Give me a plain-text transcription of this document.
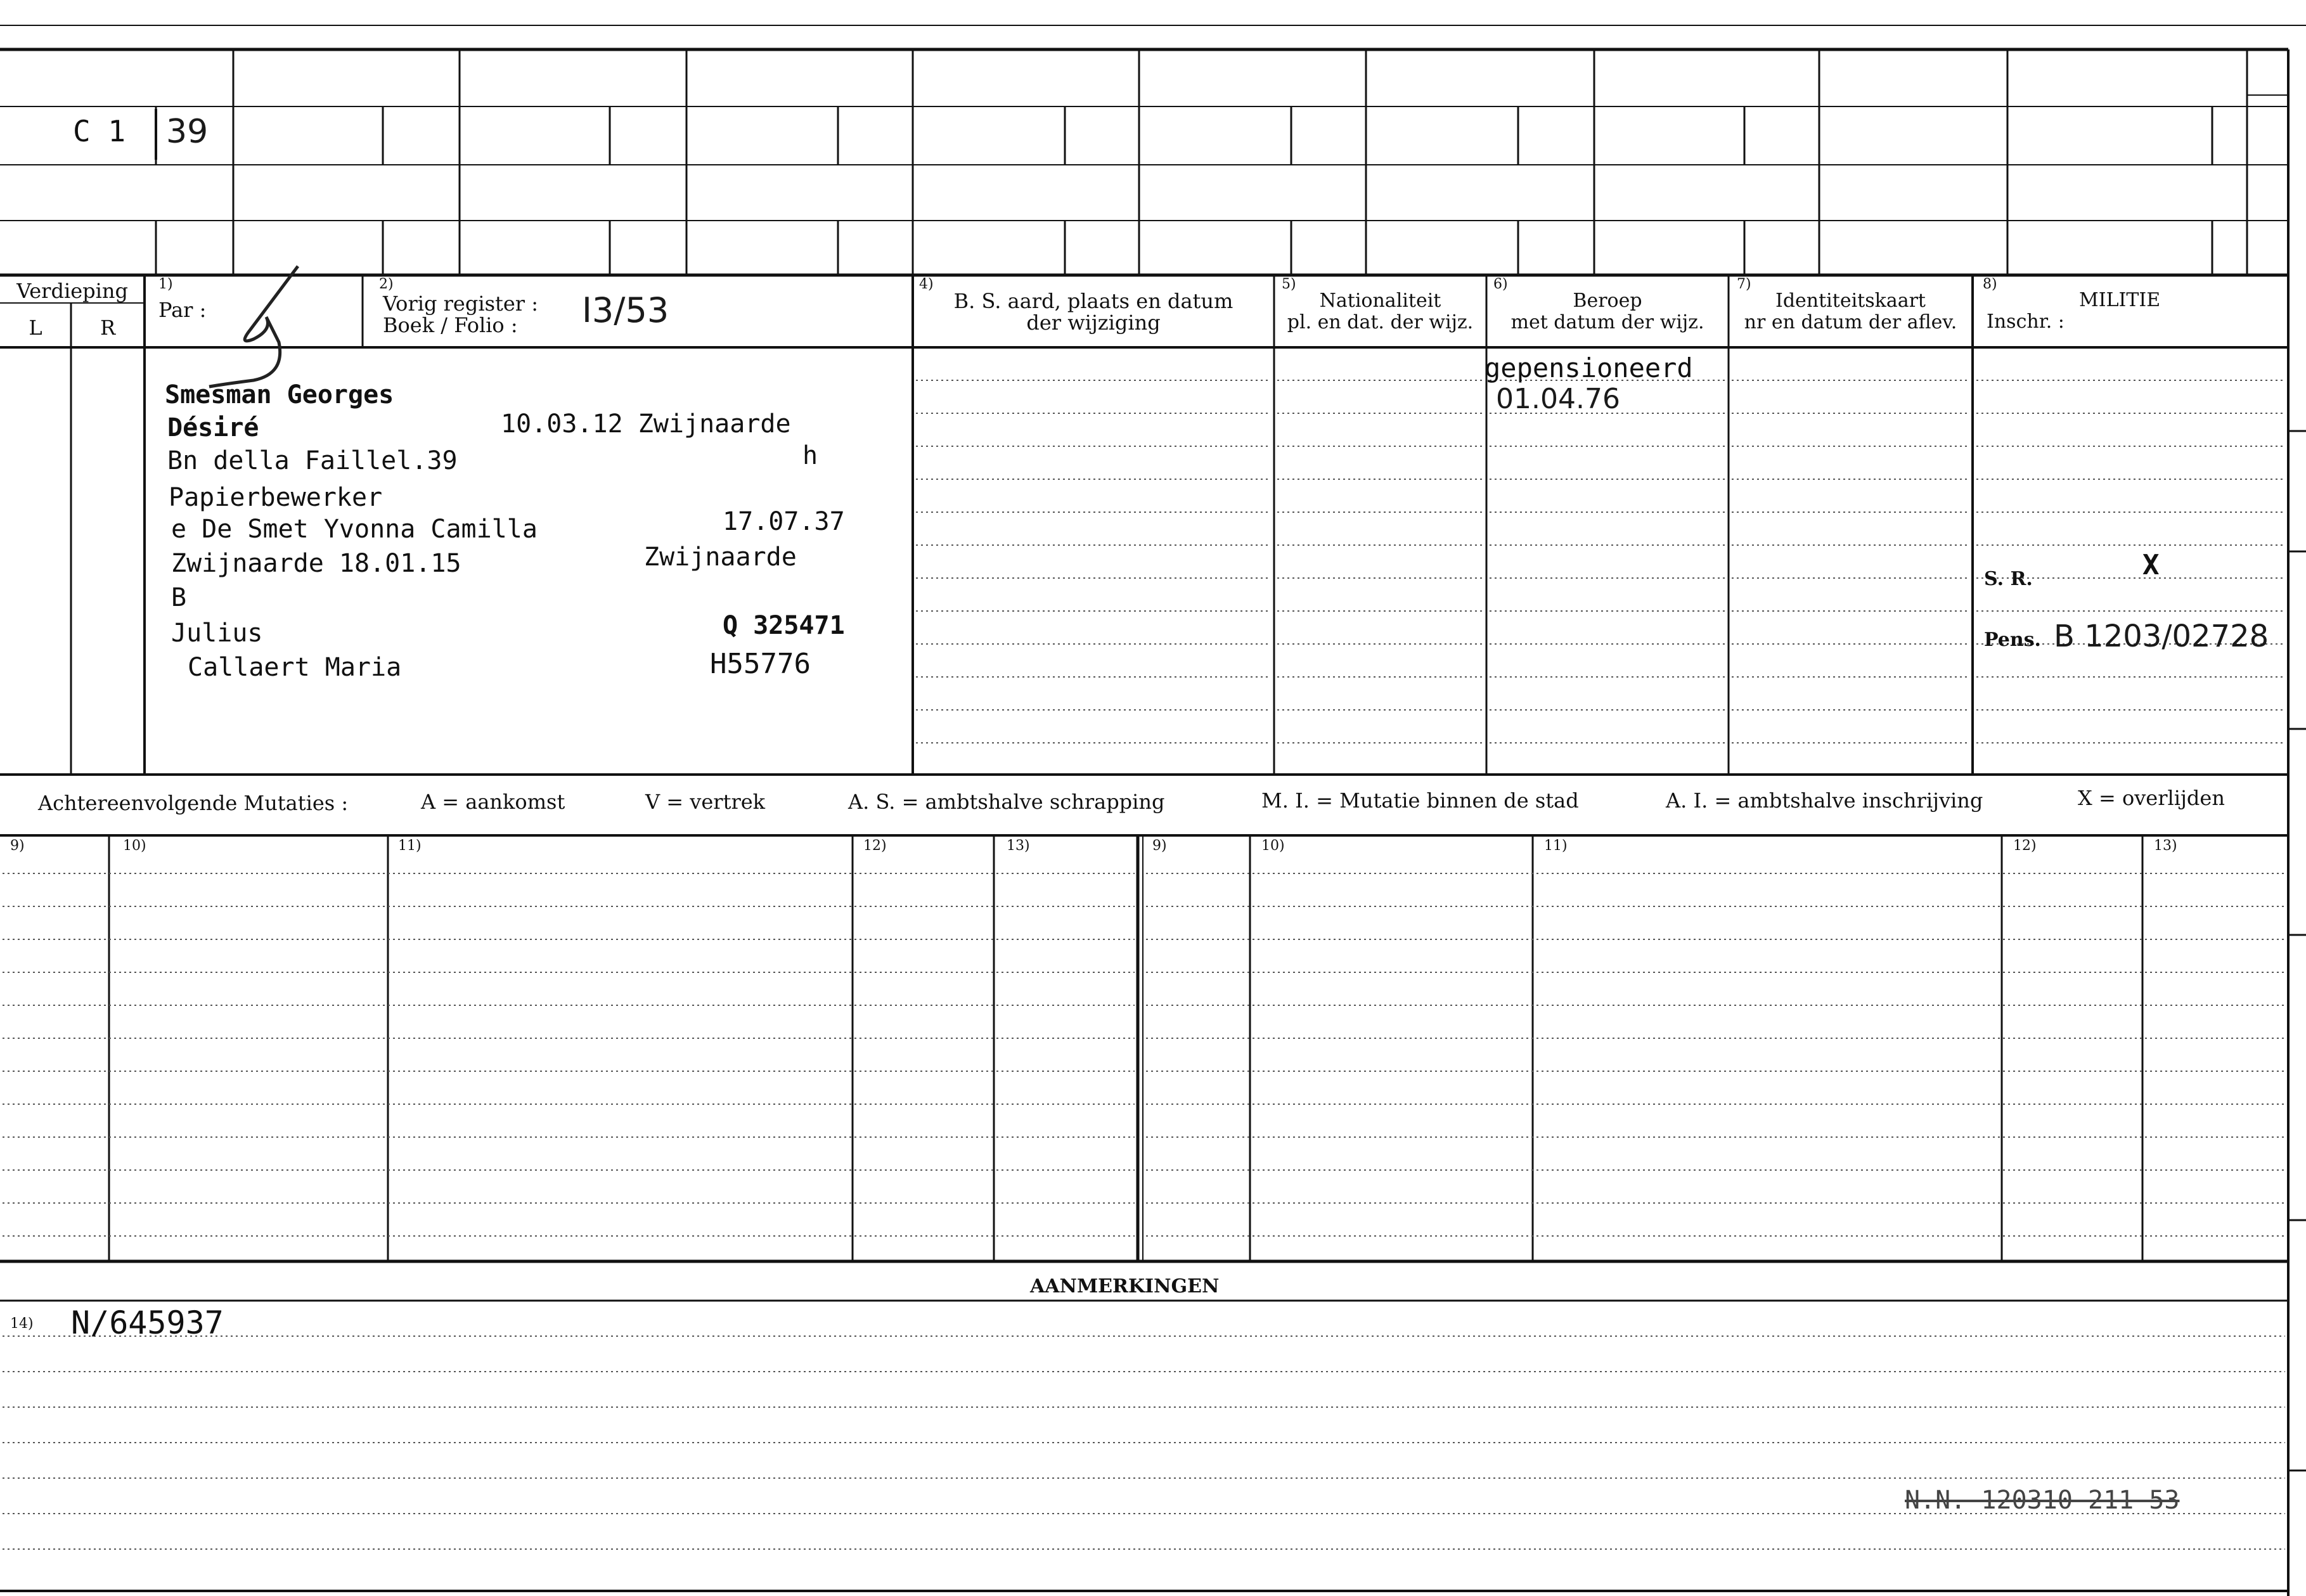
C 1 39
Verdieping
L	R
1)
Par :
2)
Vorig register :
Boek / Folio : I3/53
4)
B. S. aard, plaats en datum
der wijziging
5)
Nationaliteit
pl. en dat. der wijz.
6)
Beroep
met datum der wijz.
7)
Identiteitskaart
nr en datum der aflev.
8)
MILITIE
Inschr. :
Smesman Georges
Désiré	10.03.12 Zwijnaarde
Bn della Faillel.39	h
Papierbewerker
e De Smet Yvonna Camilla	17.07.37
Zwijnaarde 18.01.15	Zwijnaarde
B
Julius	Q 325471
Callaert Maria	H55776
gepensioneerd
01.04.76
S. R.	X
Pens. B 1203/02728
Achtereenvolgende Mutaties :	A = aankomst	V = vertrek	A. S. = ambtshalve schrapping	M. I. = Mutatie binnen de stad	A. I. = ambtshalve inschrijving	X = overlijden
9)	10)	11)	12)	13)	9)	10)	11)	12)	13)
AANMERKINGEN
14) N/645937
N.N. 120310 211 53
